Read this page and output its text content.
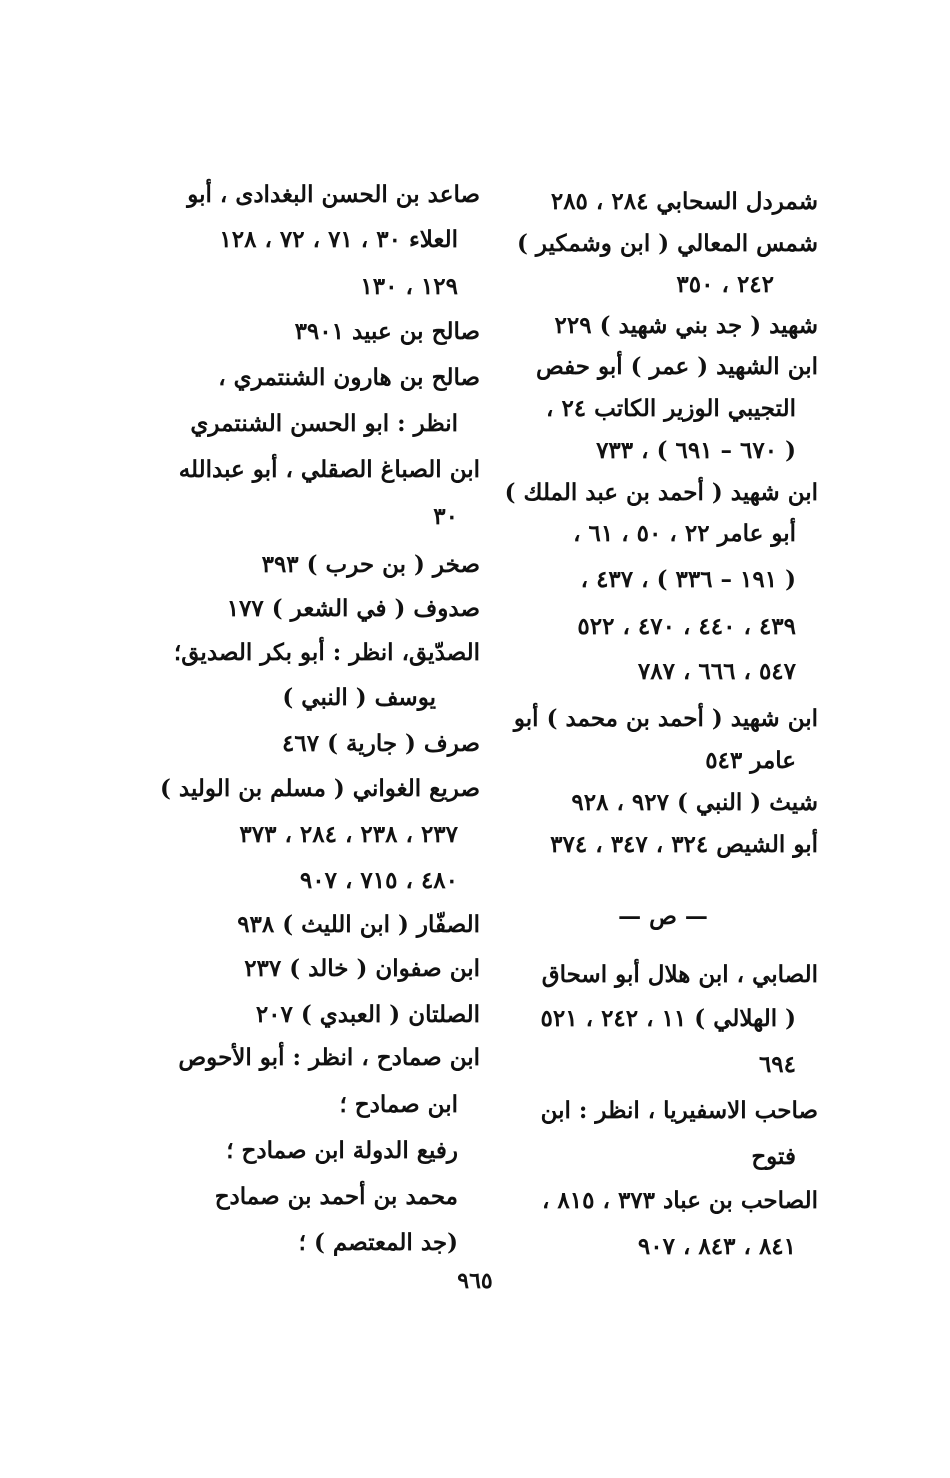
شمردل السحابي ٢٨٤ ، ٢٨٥
شمس المعالي ( ابن وشمكير )
٢٤٢ ، ٣٥٠
شهيد ( جد بني شهيد ) ٢٢٩
ابن الشهيد ( عمر ) أبو حفص
التجيبي الوزير الكاتب ٢٤ ،
( ٦٧٠ – ٦٩١ ) ، ٧٣٣
ابن شهيد ( أحمد بن عبد الملك )
أبو عامر ٢٢ ، ٥٠ ، ٦١ ،
( ١٩١ – ٣٣٦ ) ، ٤٣٧ ،
٤٣٩ ، ٤٤٠ ، ٤٧٠ ، ٥٢٢
٥٤٧ ، ٦٦٦ ، ٧٨٧
ابن شهيد ( أحمد بن محمد ) أبو
عامر ٥٤٣
شيث ( النبي ) ٩٢٧ ، ٩٢٨
أبو الشيص ٣٢٤ ، ٣٤٧ ، ٣٧٤
— ص —
الصابي ، ابن هلال أبو اسحاق
( الهلالي ) ١١ ، ٢٤٢ ، ٥٢١
٦٩٤
صاحب الاسفيريا ، انظر : ابن
فتوح
الصاحب بن عباد ٣٧٣ ، ٨١٥ ،
٨٤١ ، ٨٤٣ ، ٩٠٧
صاعد بن الحسن البغدادى ، أبو
العلاء ٣٠ ، ٧١ ، ٧٢ ، ١٢٨
١٢٩ ، ١٣٠
صالح بن عبيد ٣٩٠١
صالح بن هارون الشنتمري ،
انظر : ابو الحسن الشنتمري
ابن الصباغ الصقلي ، أبو عبدالله
٣٠
صخر ( بن حرب ) ٣٩٣
صدوف ( في الشعر ) ١٧٧
الصدّيق، انظر : أبو بكر الصديق؛
يوسف ( النبي )
صرف ( جارية ) ٤٦٧
صريع الغواني ( مسلم بن الوليد )
٢٣٧ ، ٢٣٨ ، ٢٨٤ ، ٣٧٣
٤٨٠ ، ٧١٥ ، ٩٠٧
الصفّار ( ابن الليث ) ٩٣٨
ابن صفوان ( خالد ) ٢٣٧
الصلتان ( العبدي ) ٢٠٧
ابن صمادح ، انظر : أبو الأحوص
ابن صمادح ؛
رفيع الدولة ابن صمادح ؛
محمد بن أحمد بن صمادح
(جد المعتصم ) ؛
٩٦٥
